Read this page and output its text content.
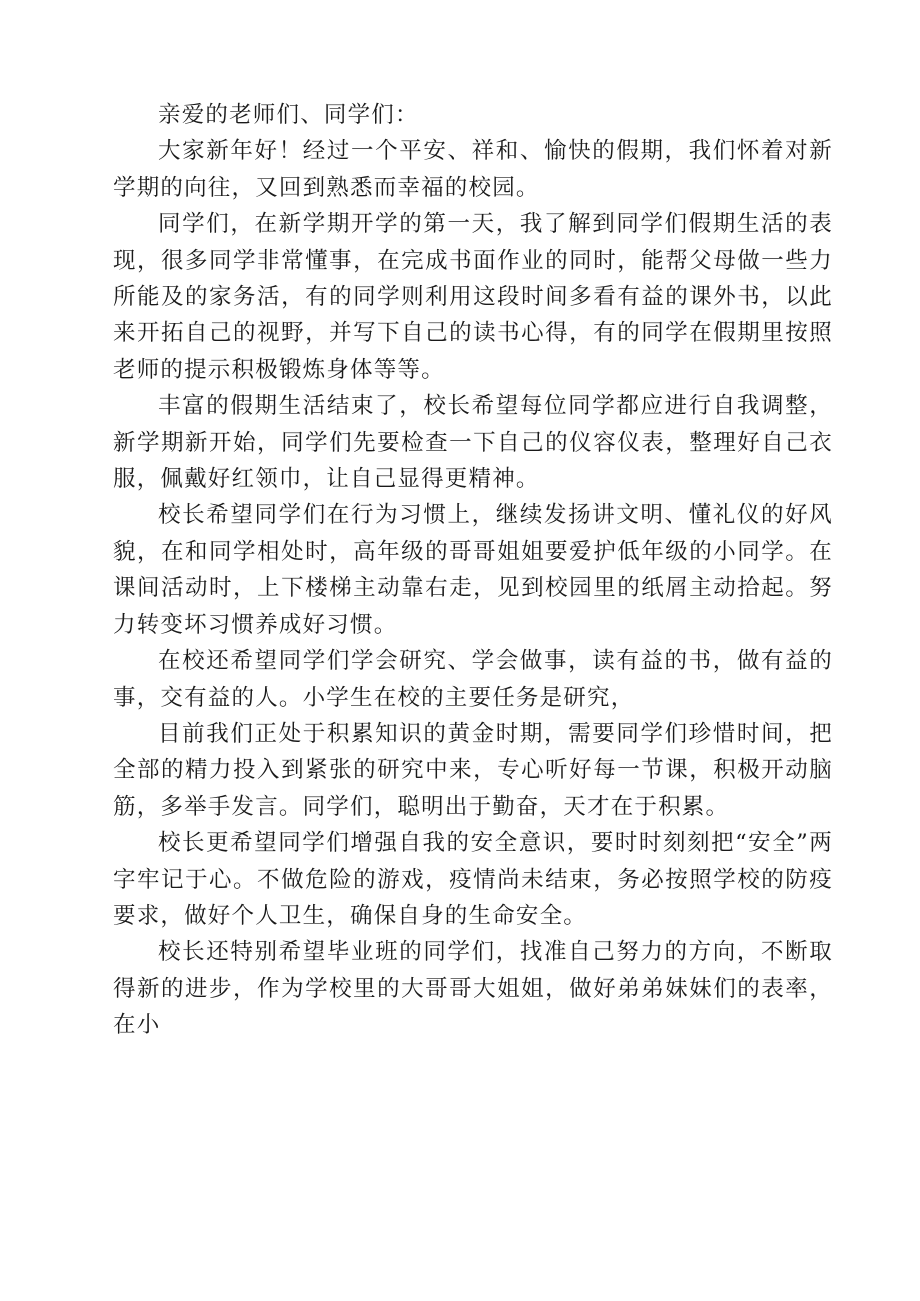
亲爱的老师们、同学们：

大家新年好！经过一个平安、祥和、愉快的假期，我们怀着对新学期的向往，又回到熟悉而幸福的校园。

同学们，在新学期开学的第一天，我了解到同学们假期生活的表现，很多同学非常懂事，在完成书面作业的同时，能帮父母做一些力所能及的家务活，有的同学则利用这段时间多看有益的课外书，以此来开拓自己的视野，并写下自己的读书心得，有的同学在假期里按照老师的提示积极锻炼身体等等。

丰富的假期生活结束了，校长希望每位同学都应进行自我调整，新学期新开始，同学们先要检查一下自己的仪容仪表，整理好自己衣服，佩戴好红领巾，让自己显得更精神。

校长希望同学们在行为习惯上，继续发扬讲文明、懂礼仪的好风貌，在和同学相处时，高年级的哥哥姐姐要爱护低年级的小同学。在课间活动时，上下楼梯主动靠右走，见到校园里的纸屑主动拾起。努力转变坏习惯养成好习惯。

在校还希望同学们学会研究、学会做事，读有益的书，做有益的事，交有益的人。小学生在校的主要任务是研究，

目前我们正处于积累知识的黄金时期，需要同学们珍惜时间，把全部的精力投入到紧张的研究中来，专心听好每一节课，积极开动脑筋，多举手发言。同学们，聪明出于勤奋，天才在于积累。

校长更希望同学们增强自我的安全意识，要时时刻刻把“安全”两字牢记于心。不做危险的游戏，疫情尚未结束，务必按照学校的防疫要求，做好个人卫生，确保自身的生命安全。

校长还特别希望毕业班的同学们，找准自己努力的方向，不断取得新的进步，作为学校里的大哥哥大姐姐，做好弟弟妹妹们的表率，在小
